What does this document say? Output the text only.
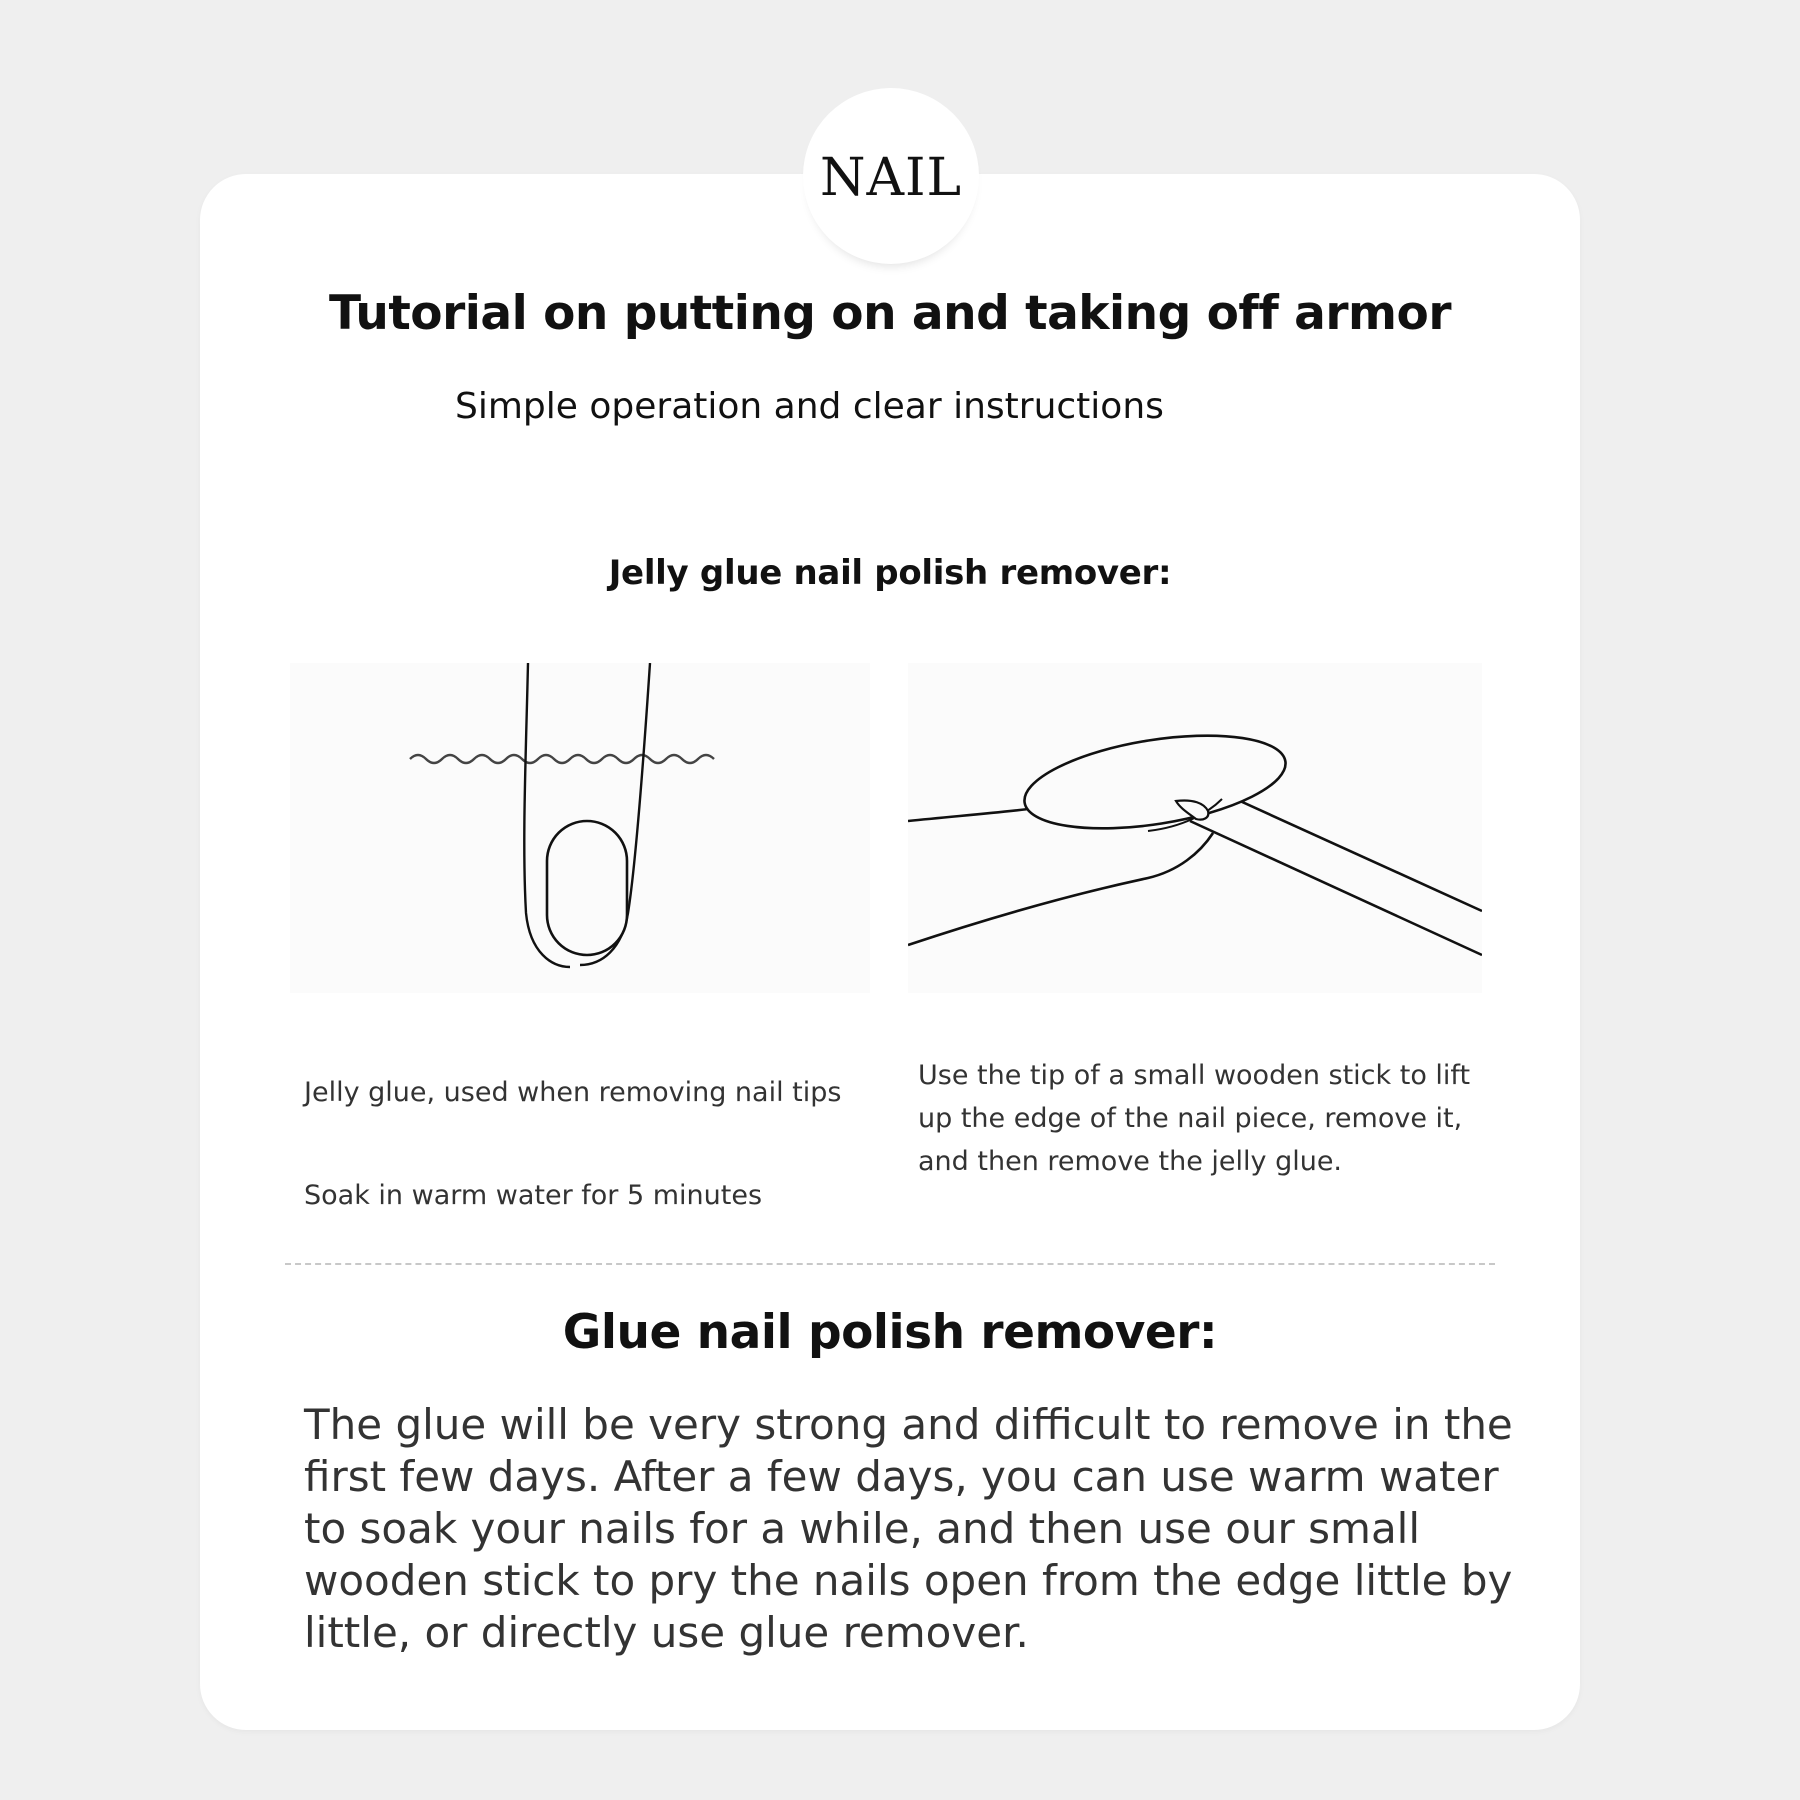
NAIL
Tutorial on putting on and taking off armor
Simple operation and clear instructions
Jelly glue nail polish remover:

Jelly glue, used when removing nail tips

Soak in warm water for 5 minutes

Use the tip of a small wooden stick to lift up the edge of the nail piece, remove it, and then remove the jelly glue.

Glue nail polish remover:

The glue will be very strong and difficult to remove in the first few days. After a few days, you can use warm water to soak your nails for a while, and then use our small wooden stick to pry the nails open from the edge little by little, or directly use glue remover.
